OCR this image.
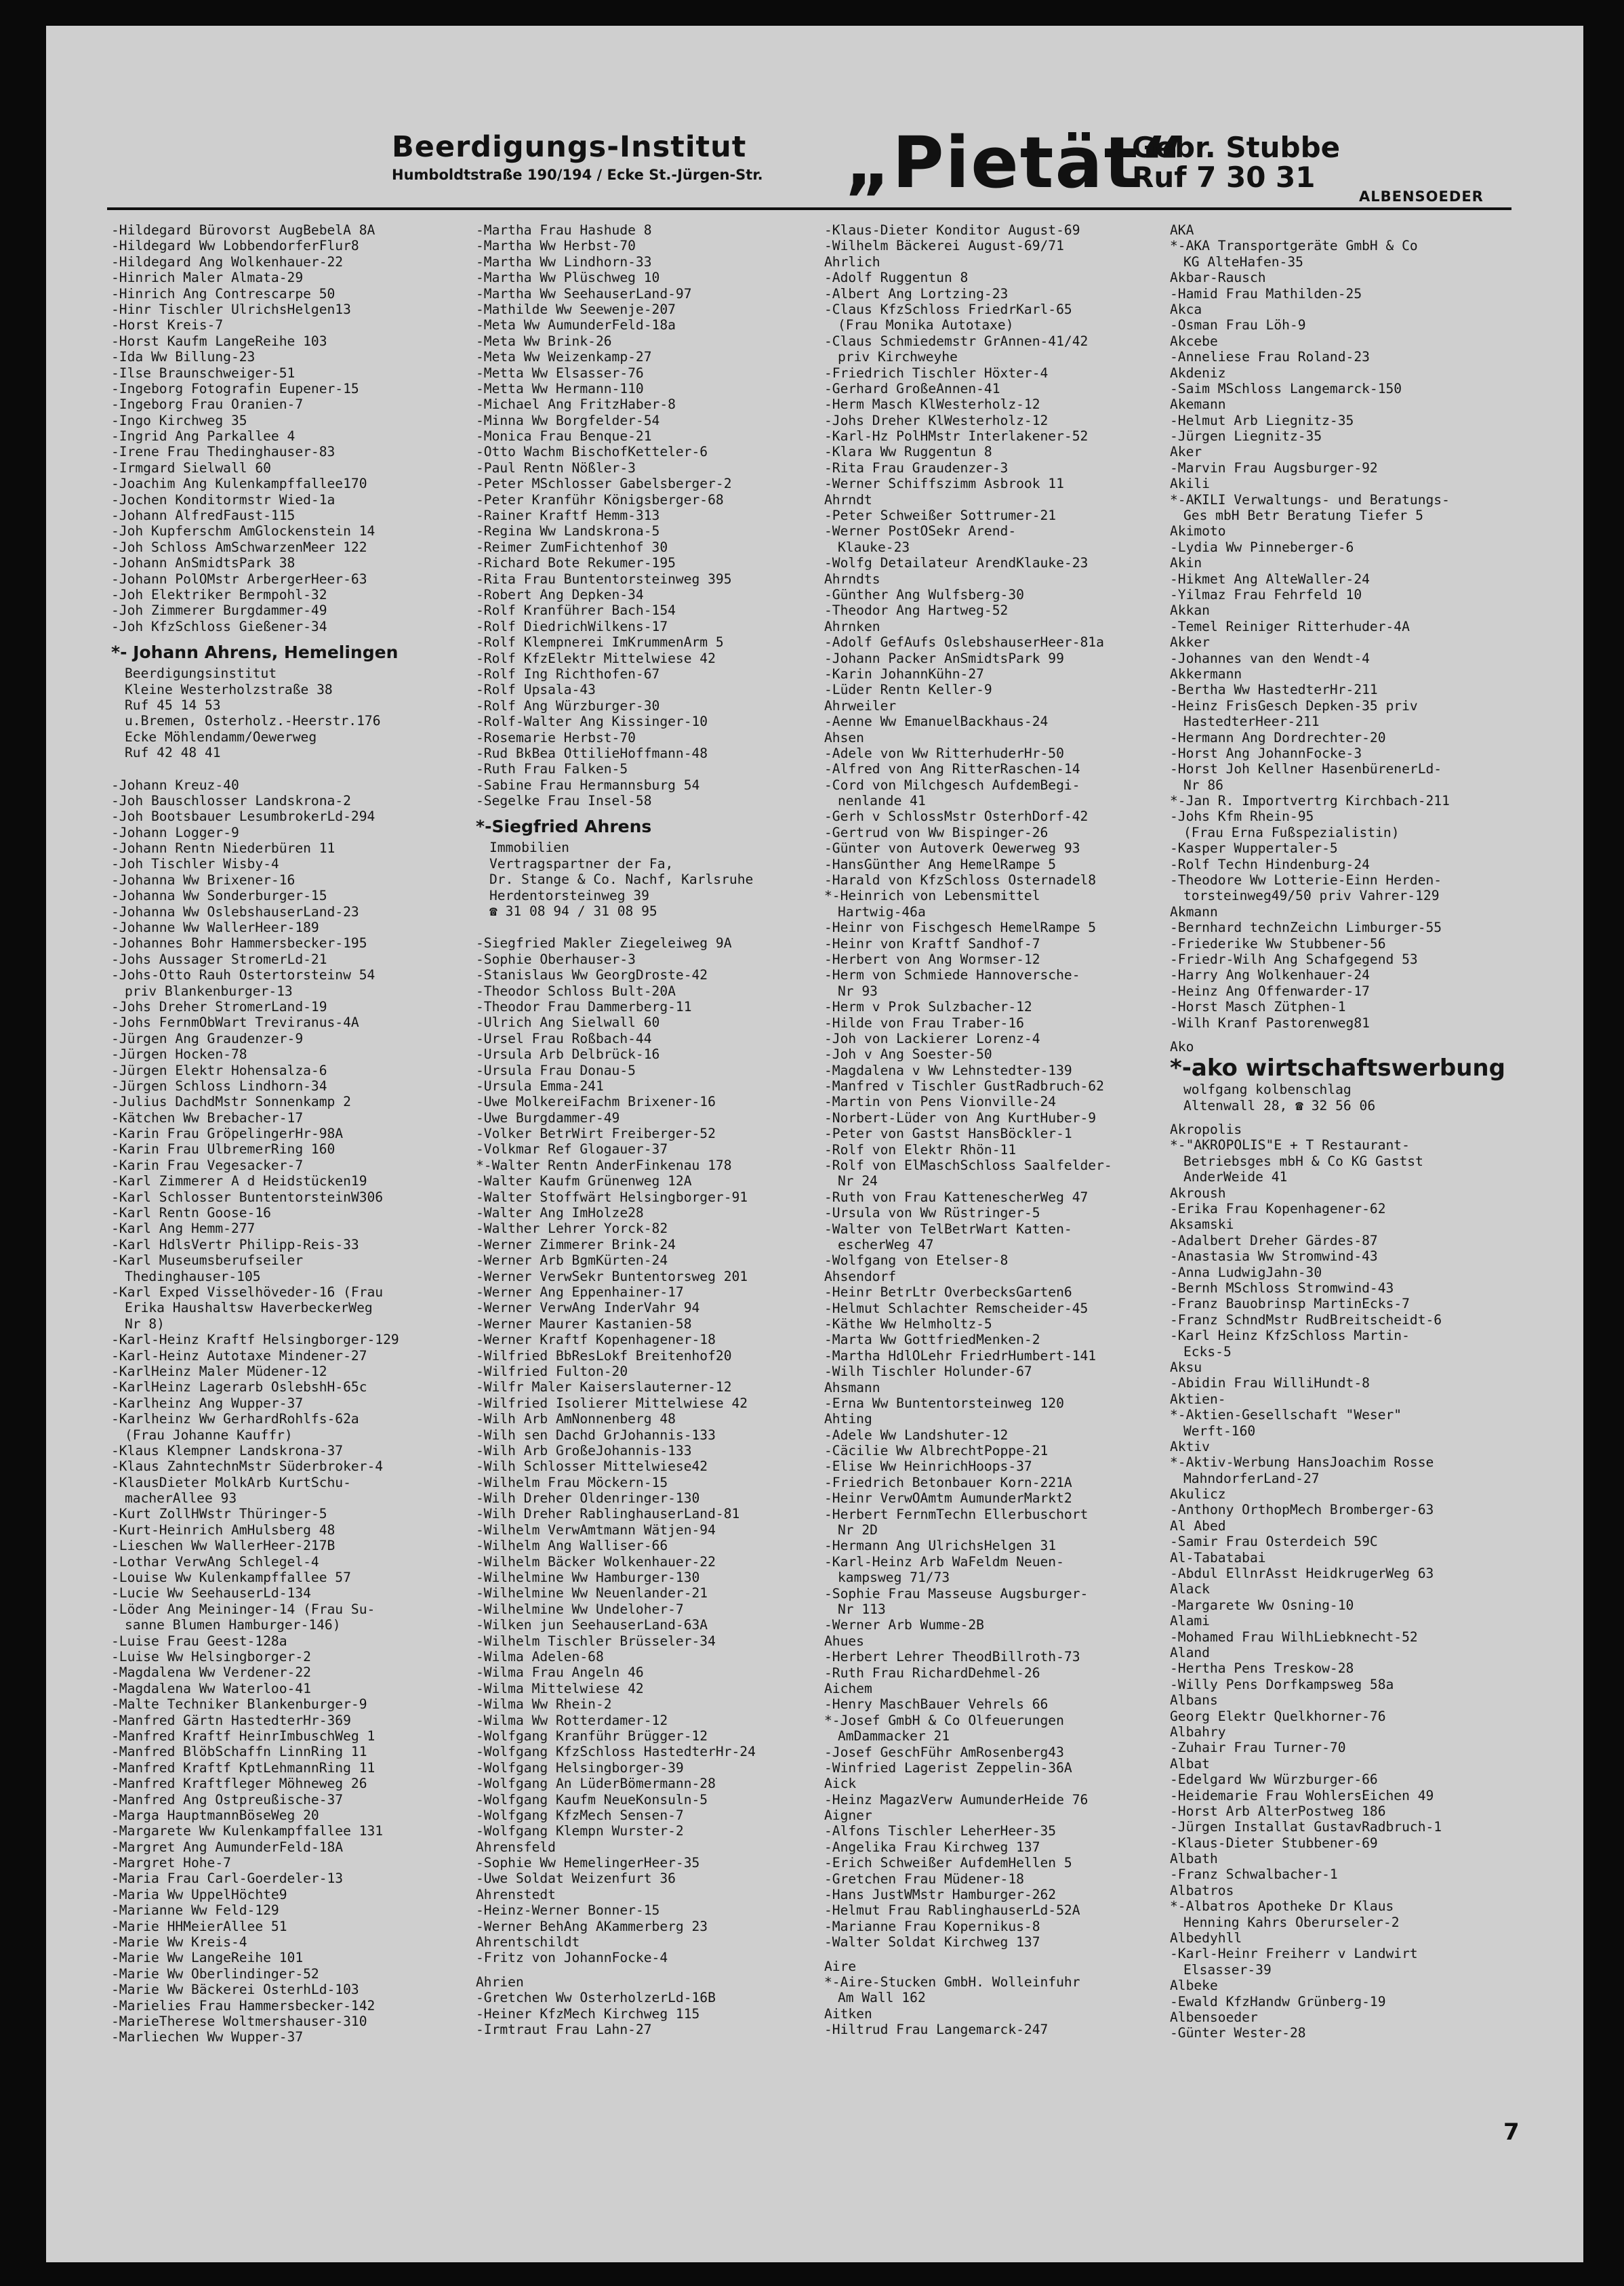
Beerdigungs-Institut
Humboldtstraße 190/194 / Ecke St.-Jürgen-Str. „Pietät“
Gebr. Stubbe
Ruf 7 30 31
ALBENSOEDER
-Hildegard Bürovorst AugBebelA 8A
-Hildegard Ww LobbendorferFlur8
-Hildegard Ang Wolkenhauer-22
-Hinrich Maler Almata-29
-Hinrich Ang Contrescarpe 50
-Hinr Tischler UlrichsHelgen13
-Horst Kreis-7
-Horst Kaufm LangeReihe 103
-Ida Ww Billung-23
-Ilse Braunschweiger-51
-Ingeborg Fotografin Eupener-15
-Ingeborg Frau Oranien-7
-Ingo Kirchweg 35
-Ingrid Ang Parkallee 4
-Irene Frau Thedinghauser-83
-Irmgard Sielwall 60
-Joachim Ang Kulenkampffallee170
-Jochen Konditormstr Wied-1a
-Johann AlfredFaust-115
-Joh Kupferschm AmGlockenstein 14
-Joh Schloss AmSchwarzenMeer 122
-Johann AnSmidtsPark 38
-Johann PolOMstr ArbergerHeer-63
-Joh Elektriker Bermpohl-32
-Joh Zimmerer Burgdammer-49
-Joh KfzSchloss Gießener-34
*- Johann Ahrens, Hemelingen
Beerdigungsinstitut
Kleine Westerholzstraße 38
Ruf 45 14 53
u.Bremen, Osterholz.-Heerstr.176
Ecke Möhlendamm/Oewerweg
Ruf 42 48 41
-Johann Kreuz-40
-Joh Bauschlosser Landskrona-2
-Joh Bootsbauer LesumbrokerLd-294
-Johann Logger-9
-Johann Rentn Niederbüren 11
-Joh Tischler Wisby-4
-Johanna Ww Brixener-16
-Johanna Ww Sonderburger-15
-Johanna Ww OslebshauserLand-23
-Johanne Ww WallerHeer-189
-Johannes Bohr Hammersbecker-195
-Johs Aussager StromerLd-21
-Johs-Otto Rauh Ostertorsteinw 54
priv Blankenburger-13
-Johs Dreher StromerLand-19
-Johs FernmObWart Treviranus-4A
-Jürgen Ang Graudenzer-9
-Jürgen Hocken-78
-Jürgen Elektr Hohensalza-6
-Jürgen Schloss Lindhorn-34
-Julius DachdMstr Sonnenkamp 2
-Kätchen Ww Brebacher-17
-Karin Frau GröpelingerHr-98A
-Karin Frau UlbremerRing 160
-Karin Frau Vegesacker-7
-Karl Zimmerer A d Heidstücken19
-Karl Schlosser BuntentorsteinW306
-Karl Rentn Goose-16
-Karl Ang Hemm-277
-Karl HdlsVertr Philipp-Reis-33
-Karl Museumsberufseiler
Thedinghauser-105
-Karl Exped Visselhöveder-16 (Frau
Erika Haushaltsw HaverbeckerWeg
Nr 8)
-Karl-Heinz Kraftf Helsingborger-129
-Karl-Heinz Autotaxe Mindener-27
-KarlHeinz Maler Müdener-12
-KarlHeinz Lagerarb OslebshH-65c
-Karlheinz Ang Wupper-37
-Karlheinz Ww GerhardRohlfs-62a
(Frau Johanne Kauffr)
-Klaus Klempner Landskrona-37
-Klaus ZahntechnMstr Süderbroker-4
-KlausDieter MolkArb KurtSchu-
macherAllee 93
-Kurt ZollHWstr Thüringer-5
-Kurt-Heinrich AmHulsberg 48
-Lieschen Ww WallerHeer-217B
-Lothar VerwAng Schlegel-4
-Louise Ww Kulenkampffallee 57
-Lucie Ww SeehauserLd-134
-Löder Ang Meininger-14 (Frau Su-
sanne Blumen Hamburger-146)
-Luise Frau Geest-128a
-Luise Ww Helsingborger-2
-Magdalena Ww Verdener-22
-Magdalena Ww Waterloo-41
-Malte Techniker Blankenburger-9
-Manfred Gärtn HastedterHr-369
-Manfred Kraftf HeinrImbuschWeg 1
-Manfred BlöbSchaffn LinnRing 11
-Manfred Kraftf KptLehmannRing 11
-Manfred Kraftfleger Möhneweg 26
-Manfred Ang Ostpreußische-37
-Marga HauptmannBöseWeg 20
-Margarete Ww Kulenkampffallee 131
-Margret Ang AumunderFeld-18A
-Margret Hohe-7
-Maria Frau Carl-Goerdeler-13
-Maria Ww UppelHöchte9
-Marianne Ww Feld-129
-Marie HHMeierAllee 51
-Marie Ww Kreis-4
-Marie Ww LangeReihe 101
-Marie Ww Oberlindinger-52
-Marie Ww Bäckerei OsterhLd-103
-Marielies Frau Hammersbecker-142
-MarieTherese Woltmershauser-310
-Marliechen Ww Wupper-37
-Martha Frau Hashude 8
-Martha Ww Herbst-70
-Martha Ww Lindhorn-33
-Martha Ww Plüschweg 10
-Martha Ww SeehauserLand-97
-Mathilde Ww Seewenje-207
-Meta Ww AumunderFeld-18a
-Meta Ww Brink-26
-Meta Ww Weizenkamp-27
-Metta Ww Elsasser-76
-Metta Ww Hermann-110
-Michael Ang FritzHaber-8
-Minna Ww Borgfelder-54
-Monica Frau Benque-21
-Otto Wachm BischofKetteler-6
-Paul Rentn Nößler-3
-Peter MSchlosser Gabelsberger-2
-Peter Kranführ Königsberger-68
-Rainer Kraftf Hemm-313
-Regina Ww Landskrona-5
-Reimer ZumFichtenhof 30
-Richard Bote Rekumer-195
-Rita Frau Buntentorsteinweg 395
-Robert Ang Depken-34
-Rolf Kranführer Bach-154
-Rolf DiedrichWilkens-17
-Rolf Klempnerei ImKrummenArm 5
-Rolf KfzElektr Mittelwiese 42
-Rolf Ing Richthofen-67
-Rolf Upsala-43
-Rolf Ang Würzburger-30
-Rolf-Walter Ang Kissinger-10
-Rosemarie Herbst-70
-Rud BkBea OttilieHoffmann-48
-Ruth Frau Falken-5
-Sabine Frau Hermannsburg 54
-Segelke Frau Insel-58
*-Siegfried Ahrens
Immobilien
Vertragspartner der Fa,
Dr. Stange & Co. Nachf, Karlsruhe
Herdentorsteinweg 39
☎ 31 08 94 / 31 08 95
-Siegfried Makler Ziegeleiweg 9A
-Sophie Oberhauser-3
-Stanislaus Ww GeorgDroste-42
-Theodor Schloss Bult-20A
-Theodor Frau Dammerberg-11
-Ulrich Ang Sielwall 60
-Ursel Frau Roßbach-44
-Ursula Arb Delbrück-16
-Ursula Frau Donau-5
-Ursula Emma-241
-Uwe MolkereiFachm Brixener-16
-Uwe Burgdammer-49
-Volker BetrWirt Freiberger-52
-Volkmar Ref Glogauer-37
*-Walter Rentn AnderFinkenau 178
-Walter Kaufm Grünenweg 12A
-Walter Stoffwärt Helsingborger-91
-Walter Ang ImHolze28
-Walther Lehrer Yorck-82
-Werner Zimmerer Brink-24
-Werner Arb BgmKürten-24
-Werner VerwSekr Buntentorsweg 201
-Werner Ang Eppenhainer-17
-Werner VerwAng InderVahr 94
-Werner Maurer Kastanien-58
-Werner Kraftf Kopenhagener-18
-Wilfried BbResLokf Breitenhof20
-Wilfried Fulton-20
-Wilfr Maler Kaiserslauterner-12
-Wilfried Isolierer Mittelwiese 42
-Wilh Arb AmNonnenberg 48
-Wilh sen Dachd GrJohannis-133
-Wilh Arb GroßeJohannis-133
-Wilh Schlosser Mittelwiese42
-Wilhelm Frau Möckern-15
-Wilh Dreher Oldenringer-130
-Wilh Dreher RablinghauserLand-81
-Wilhelm VerwAmtmann Wätjen-94
-Wilhelm Ang Walliser-66
-Wilhelm Bäcker Wolkenhauer-22
-Wilhelmine Ww Hamburger-130
-Wilhelmine Ww Neuenlander-21
-Wilhelmine Ww Undeloher-7
-Wilken jun SeehauserLand-63A
-Wilhelm Tischler Brüsseler-34
-Wilma Adelen-68
-Wilma Frau Angeln 46
-Wilma Mittelwiese 42
-Wilma Ww Rhein-2
-Wilma Ww Rotterdamer-12
-Wolfgang Kranführ Brügger-12
-Wolfgang KfzSchloss HastedterHr-24
-Wolfgang Helsingborger-39
-Wolfgang An LüderBömermann-28
-Wolfgang Kaufm NeueKonsuln-5
-Wolfgang KfzMech Sensen-7
-Wolfgang Klempn Wurster-2
Ahrensfeld
-Sophie Ww HemelingerHeer-35
-Uwe Soldat Weizenfurt 36
Ahrenstedt
-Heinz-Werner Bonner-15
-Werner BehAng AKammerberg 23
Ahrentschildt
-Fritz von JohannFocke-4
Ahrien
-Gretchen Ww OsterholzerLd-16B
-Heiner KfzMech Kirchweg 115
-Irmtraut Frau Lahn-27
-Klaus-Dieter Konditor August-69
-Wilhelm Bäckerei August-69/71
Ahrlich
-Adolf Ruggentun 8
-Albert Ang Lortzing-23
-Claus KfzSchloss FriedrKarl-65
(Frau Monika Autotaxe)
-Claus Schmiedemstr GrAnnen-41/42
priv Kirchweyhe
-Friedrich Tischler Höxter-4
-Gerhard GroßeAnnen-41
-Herm Masch KlWesterholz-12
-Johs Dreher KlWesterholz-12
-Karl-Hz PolHMstr Interlakener-52
-Klara Ww Ruggentun 8
-Rita Frau Graudenzer-3
-Werner Schiffszimm Asbrook 11
Ahrndt
-Peter Schweißer Sottrumer-21
-Werner PostOSekr Arend-
Klauke-23
-Wolfg Detailateur ArendKlauke-23
Ahrndts
-Günther Ang Wulfsberg-30
-Theodor Ang Hartweg-52
Ahrnken
-Adolf GefAufs OslebshauserHeer-81a
-Johann Packer AnSmidtsPark 99
-Karin JohannKühn-27
-Lüder Rentn Keller-9
Ahrweiler
-Aenne Ww EmanuelBackhaus-24
Ahsen
-Adele von Ww RitterhuderHr-50
-Alfred von Ang RitterRaschen-14
-Cord von Milchgesch AufdemBegi-
nenlande 41
-Gerh v SchlossMstr OsterhDorf-42
-Gertrud von Ww Bispinger-26
-Günter von Autoverk Oewerweg 93
-HansGünther Ang HemelRampe 5
-Harald von KfzSchloss Osternadel8
*-Heinrich von Lebensmittel
Hartwig-46a
-Heinr von Fischgesch HemelRampe 5
-Heinr von Kraftf Sandhof-7
-Herbert von Ang Wormser-12
-Herm von Schmiede Hannoversche-
Nr 93
-Herm v Prok Sulzbacher-12
-Hilde von Frau Traber-16
-Joh von Lackierer Lorenz-4
-Joh v Ang Soester-50
-Magdalena v Ww Lehnstedter-139
-Manfred v Tischler GustRadbruch-62
-Martin von Pens Vionville-24
-Norbert-Lüder von Ang KurtHuber-9
-Peter von Gastst HansBöckler-1
-Rolf von Elektr Rhön-11
-Rolf von ElMaschSchloss Saalfelder-
Nr 24
-Ruth von Frau KattenescherWeg 47
-Ursula von Ww Rüstringer-5
-Walter von TelBetrWart Katten-
escherWeg 47
-Wolfgang von Etelser-8
Ahsendorf
-Heinr BetrLtr OverbecksGarten6
-Helmut Schlachter Remscheider-45
-Käthe Ww Helmholtz-5
-Marta Ww GottfriedMenken-2
-Martha HdlOLehr FriedrHumbert-141
-Wilh Tischler Holunder-67
Ahsmann
-Erna Ww Buntentorsteinweg 120
Ahting
-Adele Ww Landshuter-12
-Cäcilie Ww AlbrechtPoppe-21
-Elise Ww HeinrichHoops-37
-Friedrich Betonbauer Korn-221A
-Heinr VerwOAmtm AumunderMarkt2
-Herbert FernmTechn Ellerbuschort
Nr 2D
-Hermann Ang UlrichsHelgen 31
-Karl-Heinz Arb WaFeldm Neuen-
kampsweg 71/73
-Sophie Frau Masseuse Augsburger-
Nr 113
-Werner Arb Wumme-2B
Ahues
-Herbert Lehrer TheodBillroth-73
-Ruth Frau RichardDehmel-26
Aichem
-Henry MaschBauer Vehrels 66
*-Josef GmbH & Co Olfeuerungen
AmDammacker 21
-Josef GeschFühr AmRosenberg43
-Winfried Lagerist Zeppelin-36A
Aick
-Heinz MagazVerw AumunderHeide 76
Aigner
-Alfons Tischler LeherHeer-35
-Angelika Frau Kirchweg 137
-Erich Schweißer AufdemHellen 5
-Gretchen Frau Müdener-18
-Hans JustWMstr Hamburger-262
-Helmut Frau RablinghauserLd-52A
-Marianne Frau Kopernikus-8
-Walter Soldat Kirchweg 137
Aire
*-Aire-Stucken GmbH. Wolleinfuhr
Am Wall 162
Aitken
-Hiltrud Frau Langemarck-247
AKA
*-AKA Transportgeräte GmbH & Co
KG AlteHafen-35
Akbar-Rausch
-Hamid Frau Mathilden-25
Akca
-Osman Frau Löh-9
Akcebe
-Anneliese Frau Roland-23
Akdeniz
-Saim MSchloss Langemarck-150
Akemann
-Helmut Arb Liegnitz-35
-Jürgen Liegnitz-35
Aker
-Marvin Frau Augsburger-92
Akili
*-AKILI Verwaltungs- und Beratungs-
Ges mbH Betr Beratung Tiefer 5
Akimoto
-Lydia Ww Pinneberger-6
Akin
-Hikmet Ang AlteWaller-24
-Yilmaz Frau Fehrfeld 10
Akkan
-Temel Reiniger Ritterhuder-4A
Akker
-Johannes van den Wendt-4
Akkermann
-Bertha Ww HastedterHr-211
-Heinz FrisGesch Depken-35 priv
HastedterHeer-211
-Hermann Ang Dordrechter-20
-Horst Ang JohannFocke-3
-Horst Joh Kellner HasenbürenerLd-
Nr 86
*-Jan R. Importvertrg Kirchbach-211
-Johs Kfm Rhein-95
(Frau Erna Fußspezialistin)
-Kasper Wuppertaler-5
-Rolf Techn Hindenburg-24
-Theodore Ww Lotterie-Einn Herden-
torsteinweg49/50 priv Vahrer-129
Akmann
-Bernhard technZeichn Limburger-55
-Friederike Ww Stubbener-56
-Friedr-Wilh Ang Schafgegend 53
-Harry Ang Wolkenhauer-24
-Heinz Ang Offenwarder-17
-Horst Masch Zütphen-1
-Wilh Kranf Pastorenweg81
Ako
*-ako wirtschaftswerbung
wolfgang kolbenschlag
Altenwall 28, ☎ 32 56 06
Akropolis
*-"AKROPOLIS"E + T Restaurant-
Betriebsges mbH & Co KG Gastst
AnderWeide 41
Akroush
-Erika Frau Kopenhagener-62
Aksamski
-Adalbert Dreher Gärdes-87
-Anastasia Ww Stromwind-43
-Anna LudwigJahn-30
-Bernh MSchloss Stromwind-43
-Franz Bauobrinsp MartinEcks-7
-Franz SchndMstr RudBreitscheidt-6
-Karl Heinz KfzSchloss Martin-
Ecks-5
Aksu
-Abidin Frau WilliHundt-8
Aktien-
*-Aktien-Gesellschaft "Weser"
Werft-160
Aktiv
*-Aktiv-Werbung HansJoachim Rosse
MahndorferLand-27
Akulicz
-Anthony OrthopMech Bromberger-63
Al Abed
-Samir Frau Osterdeich 59C
Al-Tabatabai
-Abdul EllnrAsst HeidkrugerWeg 63
Alack
-Margarete Ww Osning-10
Alami
-Mohamed Frau WilhLiebknecht-52
Aland
-Hertha Pens Treskow-28
-Willy Pens Dorfkampsweg 58a
Albans
Georg Elektr Quelkhorner-76
Albahry
-Zuhair Frau Turner-70
Albat
-Edelgard Ww Würzburger-66
-Heidemarie Frau WohlersEichen 49
-Horst Arb AlterPostweg 186
-Jürgen Installat GustavRadbruch-1
-Klaus-Dieter Stubbener-69
Albath
-Franz Schwalbacher-1
Albatros
*-Albatros Apotheke Dr Klaus
Henning Kahrs Oberurseler-2
Albedyhll
-Karl-Heinr Freiherr v Landwirt
Elsasser-39
Albeke
-Ewald KfzHandw Grünberg-19
Albensoeder
-Günter Wester-28
7
